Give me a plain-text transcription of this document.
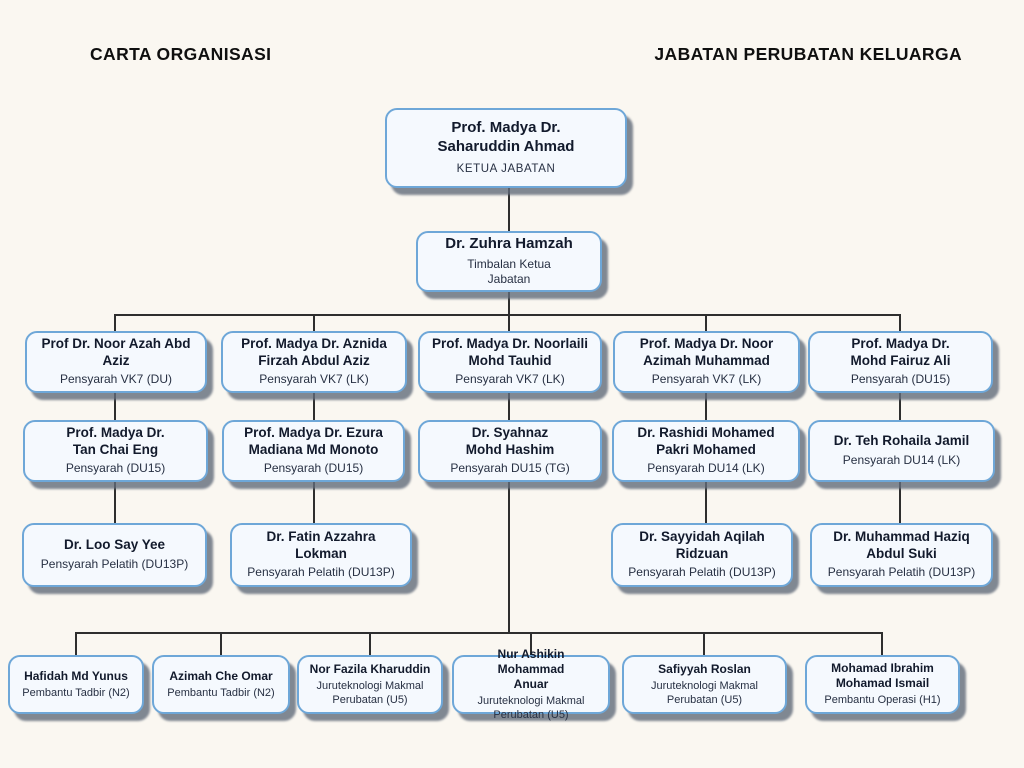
CARTA ORGANISASI	JABATAN PERUBATAN KELUARGA
Prof. Madya Dr. Saharuddin Ahmad
KETUA JABATAN
Dr. Zuhra Hamzah
Timbalan Ketua Jabatan
Prof Dr. Noor Azah Abd Aziz
Pensyarah VK7 (DU)
Prof. Madya Dr. Aznida Firzah Abdul Aziz
Pensyarah VK7 (LK)
Prof. Madya Dr. Noorlaili Mohd Tauhid
Pensyarah VK7 (LK)
Prof. Madya Dr. Noor Azimah Muhammad
Pensyarah VK7 (LK)
Prof. Madya Dr. Mohd Fairuz Ali
Pensyarah (DU15)
Prof. Madya Dr. Tan Chai Eng
Pensyarah (DU15)
Prof. Madya Dr. Ezura Madiana Md Monoto
Pensyarah (DU15)
Dr. Syahnaz Mohd Hashim
Pensyarah DU15 (TG)
Dr. Rashidi Mohamed Pakri Mohamed
Pensyarah DU14 (LK)
Dr. Teh Rohaila Jamil
Pensyarah DU14 (LK)
Dr. Loo Say Yee
Pensyarah Pelatih (DU13P)
Dr. Fatin Azzahra Lokman
Pensyarah Pelatih (DU13P)
Dr. Sayyidah Aqilah Ridzuan
Pensyarah Pelatih (DU13P)
Dr. Muhammad Haziq Abdul Suki
Pensyarah Pelatih (DU13P)
Hafidah Md Yunus
Pembantu Tadbir (N2)
Azimah Che Omar
Pembantu Tadbir (N2)
Nor Fazila Kharuddin
Juruteknologi Makmal Perubatan (U5)
Nur Ashikin Mohammad Anuar
Juruteknologi Makmal Perubatan (U5)
Safiyyah Roslan
Juruteknologi Makmal Perubatan (U5)
Mohamad Ibrahim Mohamad Ismail
Pembantu Operasi (H1)
